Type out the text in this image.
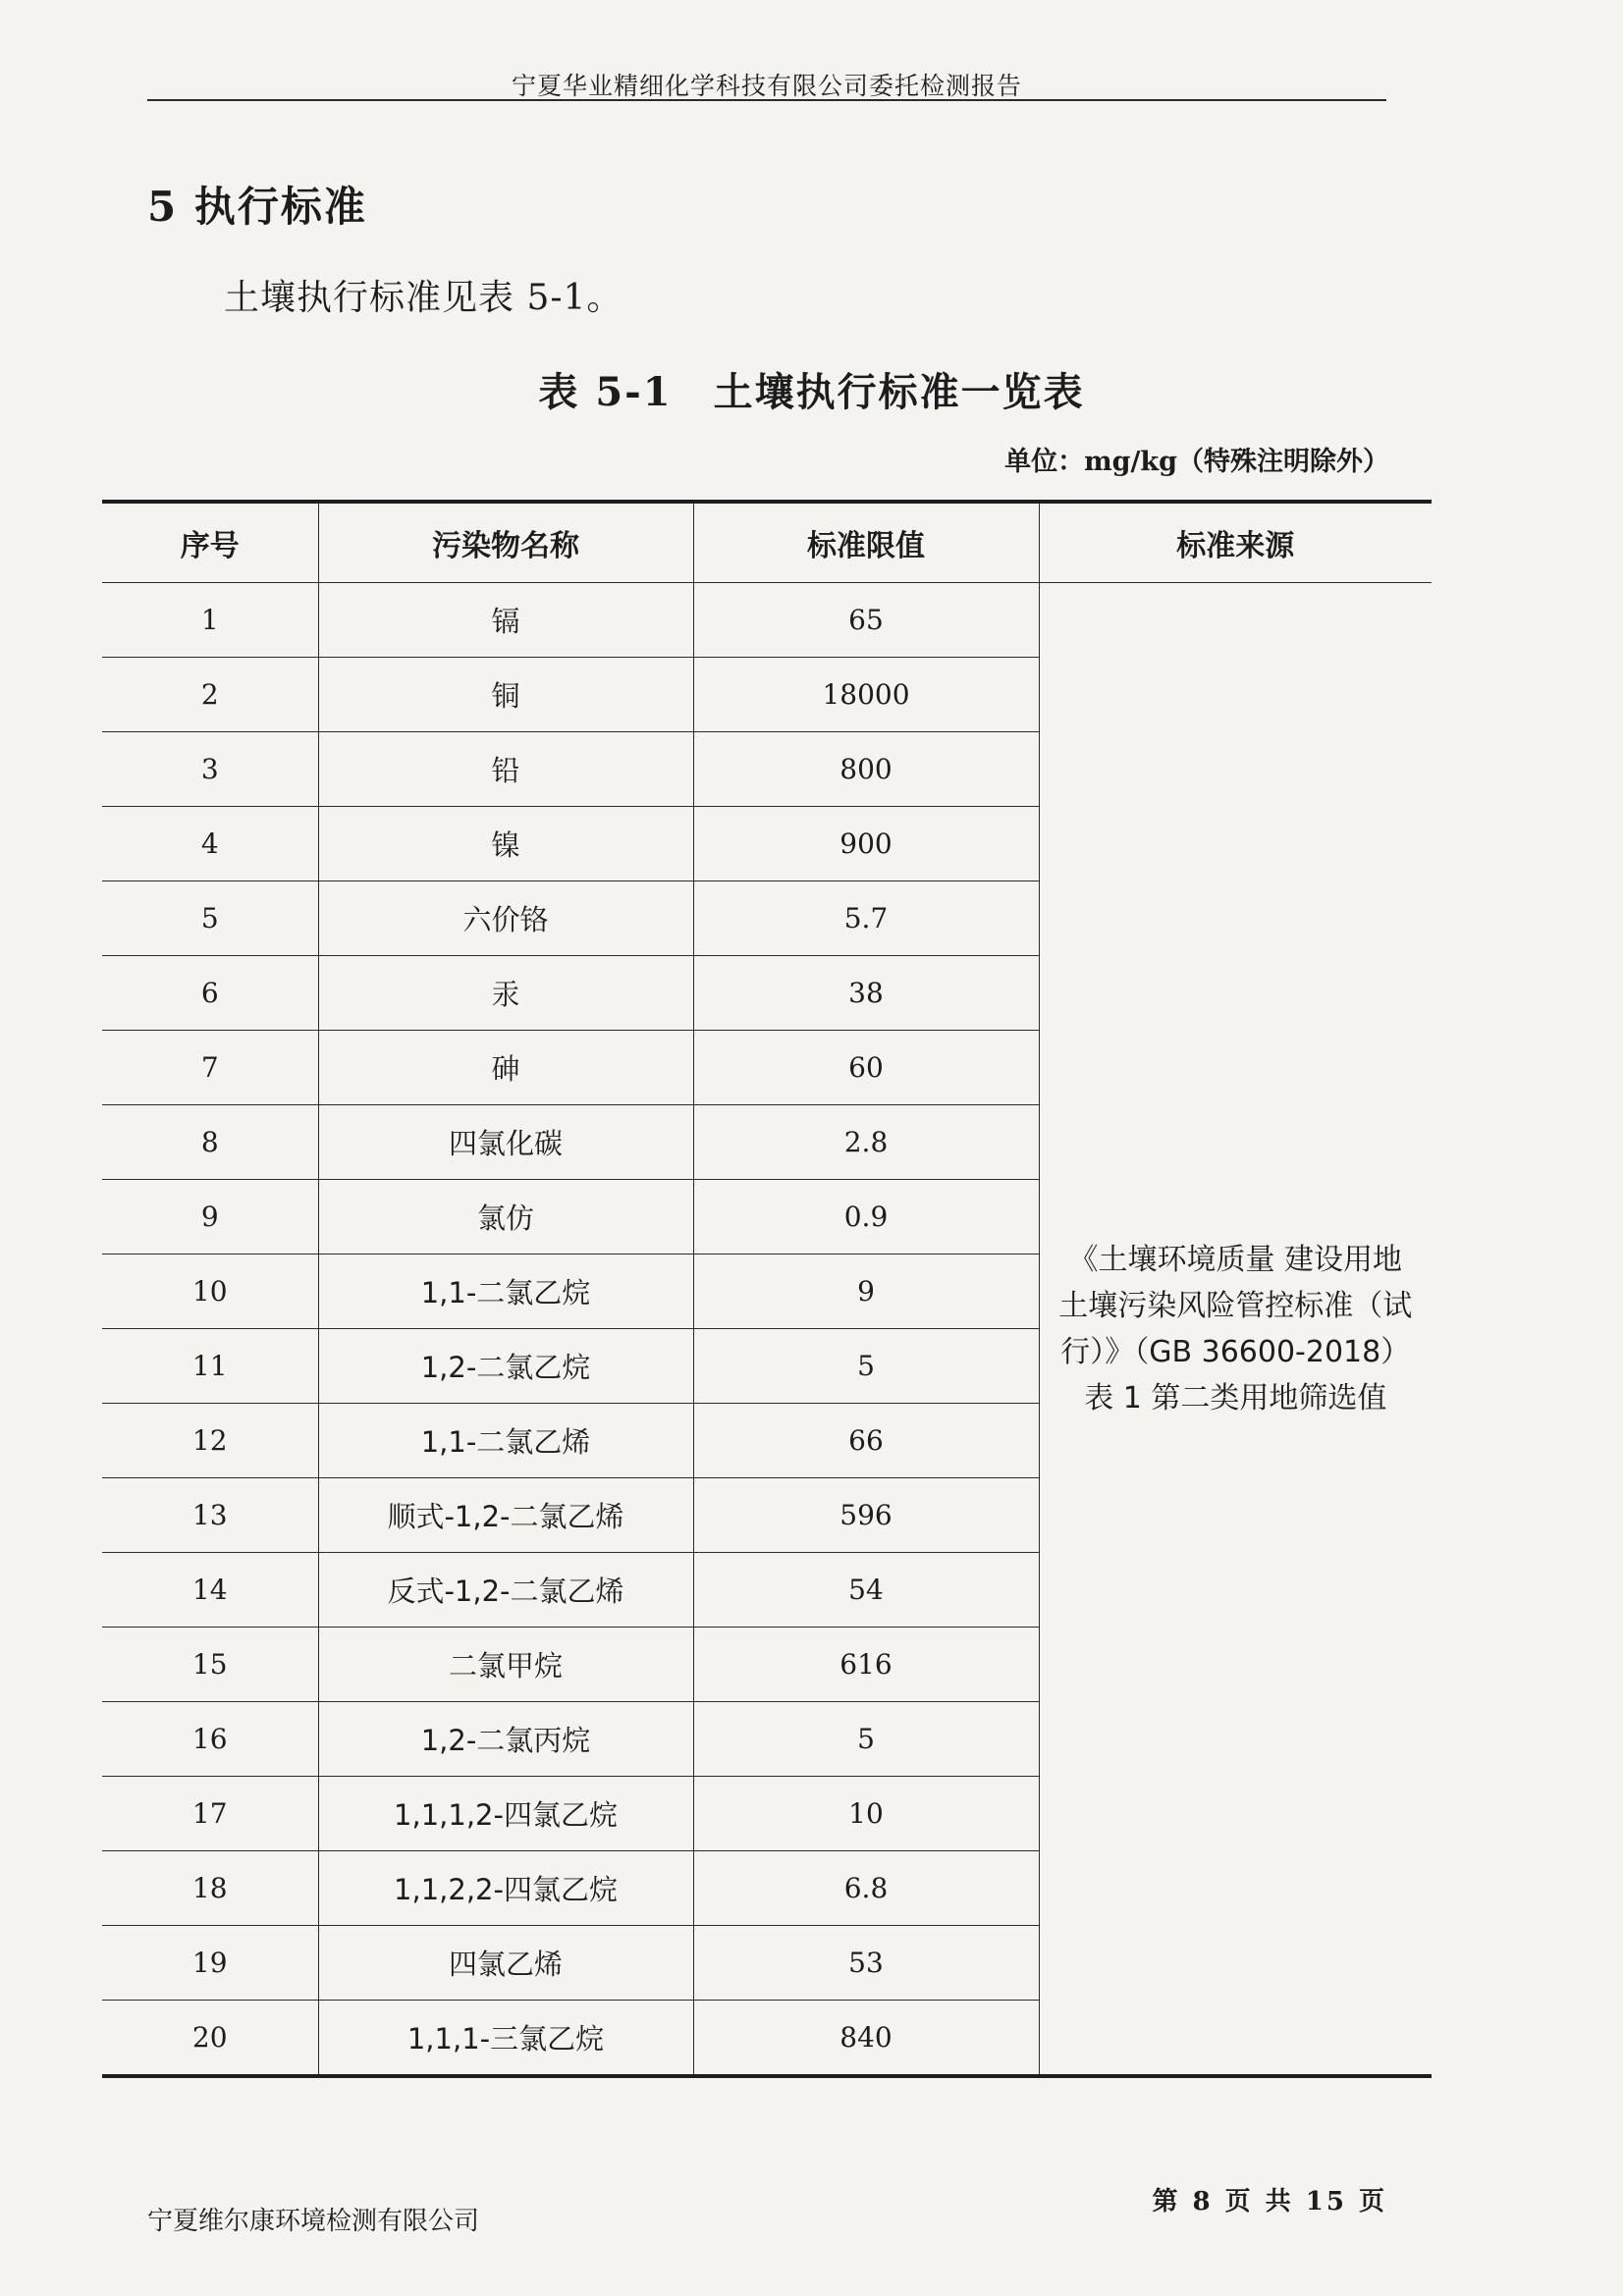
宁夏华业精细化学科技有限公司委托检测报告
5 执行标准
土壤执行标准见表 5-1。
表 5-1　土壤执行标准一览表
单位：mg/kg（特殊注明除外）
序号	污染物名称	标准限值	标准来源
1	镉	65	《土壤环境质量 建设用地
土壤污染风险管控标准（试
行）》（GB 36600-2018）
表 1 第二类用地筛选值

2	铜	18000	
3	铅	800	
4	镍	900	
5	六价铬	5.7	
6	汞	38	
7	砷	60	
8	四氯化碳	2.8	
9	氯仿	0.9	
10	1,1-二氯乙烷	9	
11	1,2-二氯乙烷	5	
12	1,1-二氯乙烯	66	
13	顺式-1,2-二氯乙烯	596	
14	反式-1,2-二氯乙烯	54	
15	二氯甲烷	616	
16	1,2-二氯丙烷	5	
17	1,1,1,2-四氯乙烷	10	
18	1,1,2,2-四氯乙烷	6.8	
19	四氯乙烯	53	
20	1,1,1-三氯乙烷	840	
宁夏维尔康环境检测有限公司
第 8 页 共 15 页
